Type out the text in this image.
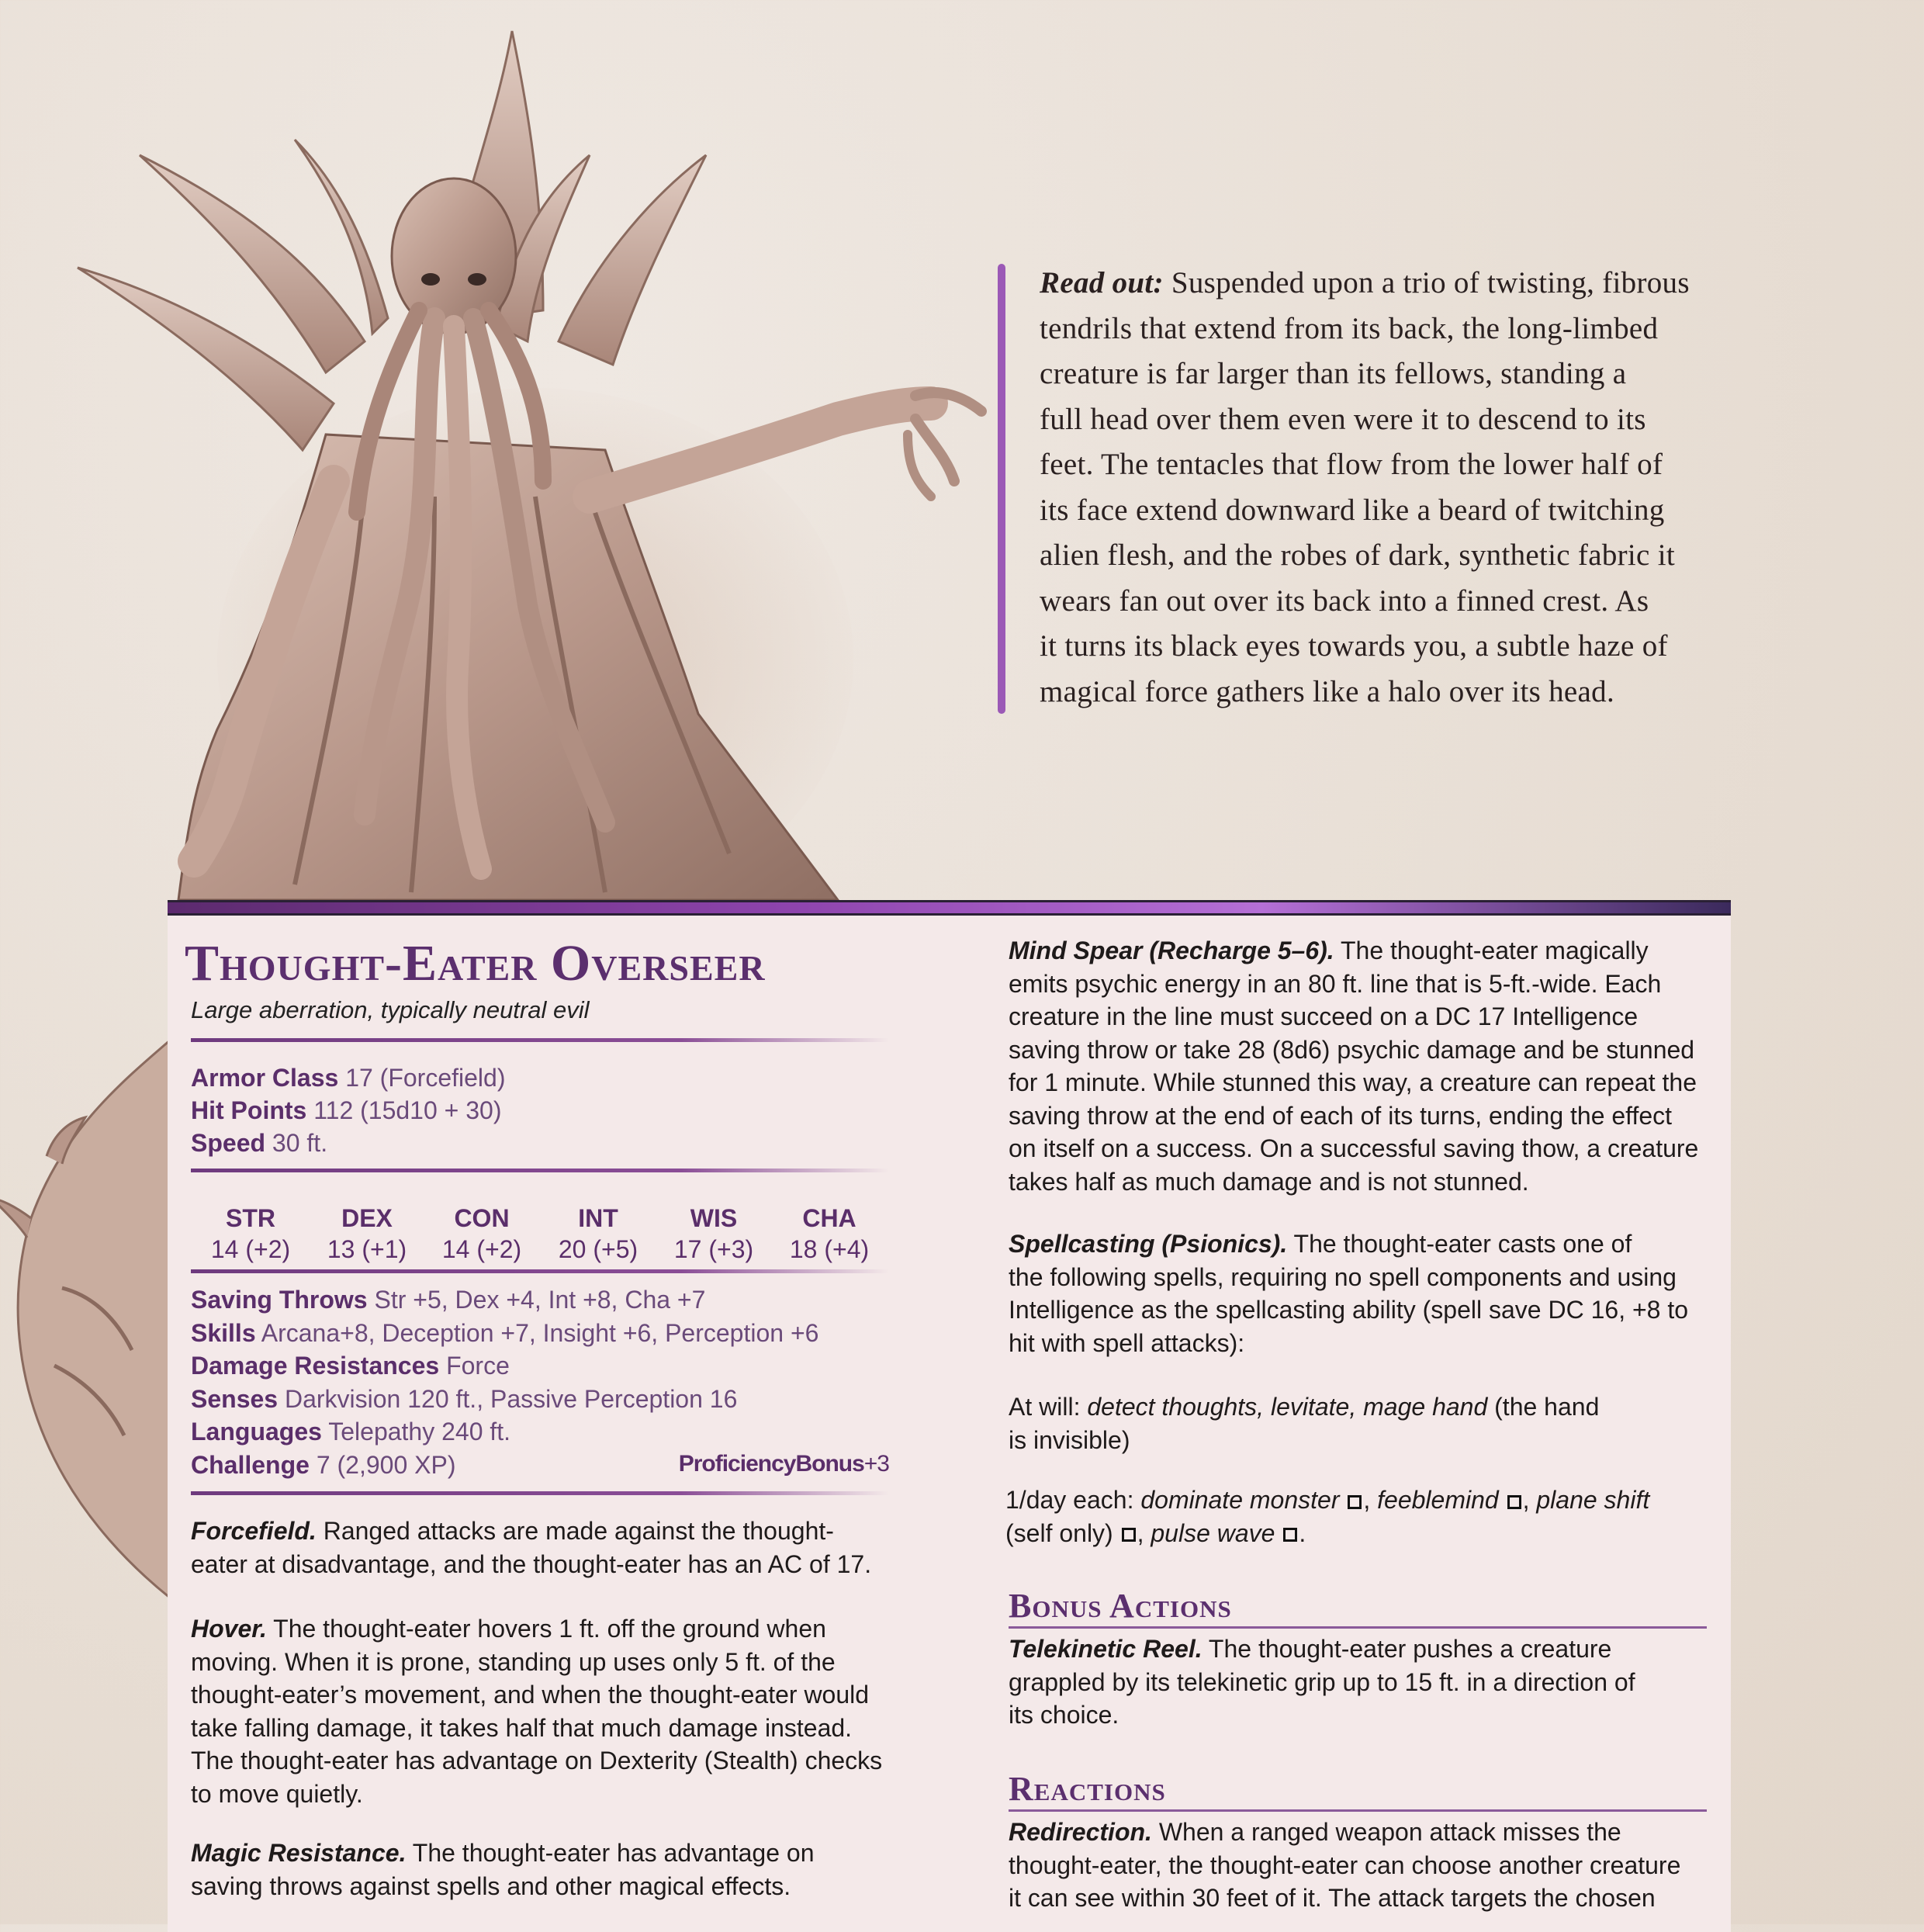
Read out: Suspended upon a trio of twisting, fibrous
tendrils that extend from its back, the long-limbed
creature is far larger than its fellows, standing a
full head over them even were it to descend to its
feet. The tentacles that flow from the lower half of
its face extend downward like a beard of twitching
alien flesh, and the robes of dark, synthetic fabric it
wears fan out over its back into a finned crest. As
it turns its black eyes towards you, a subtle haze of
magical force gathers like a halo over its head.
Thought-Eater Overseer
Large aberration, typically neutral evil
Armor Class 17 (Forcefield)
Hit Points 112 (15d10 + 30)
Speed 30 ft.
Saving Throws Str +5, Dex +4, Int +8, Cha +7
Skills Arcana+8, Deception +7, Insight +6, Perception +6
Damage Resistances Force
Senses Darkvision 120 ft., Passive Perception 16
Languages Telepathy 240 ft.
Challenge 7 (2,900 XP)	ProficiencyBonus+3
Forcefield. Ranged attacks are made against the thought-
eater at disadvantage, and the thought-eater has an AC of 17.
Hover. The thought-eater hovers 1 ft. off the ground when
moving. When it is prone, standing up uses only 5 ft. of the
thought-eater’s movement, and when the thought-eater would
take falling damage, it takes half that much damage instead.
The thought-eater has advantage on Dexterity (Stealth) checks
to move quietly.
Magic Resistance. The thought-eater has advantage on
saving throws against spells and other magical effects.
STR
14 (+2)
DEX
13 (+1)
CON
14 (+2)
INT
20 (+5)
WIS
17 (+3)
CHA
18 (+4)
Mind Spear (Recharge 5–6). The thought-eater magically
emits psychic energy in an 80 ft. line that is 5-ft.-wide. Each
creature in the line must succeed on a DC 17 Intelligence
saving throw or take 28 (8d6) psychic damage and be stunned
for 1 minute. While stunned this way, a creature can repeat the
saving throw at the end of each of its turns, ending the effect
on itself on a success. On a successful saving thow, a creature
takes half as much damage and is not stunned.
Spellcasting (Psionics). The thought-eater casts one of
the following spells, requiring no spell components and using
Intelligence as the spellcasting ability (spell save DC 16, +8 to
hit with spell attacks):
At will: detect thoughts, levitate, mage hand (the hand
is invisible)
1/day each: dominate monster , feeblemind , plane shift
(self only) , pulse wave .
Bonus Actions
Telekinetic Reel. The thought-eater pushes a creature
grappled by its telekinetic grip up to 15 ft. in a direction of
its choice.
Reactions
Redirection. When a ranged weapon attack misses the
thought-eater, the thought-eater can choose another creature
it can see within 30 feet of it. The attack targets the chosen
